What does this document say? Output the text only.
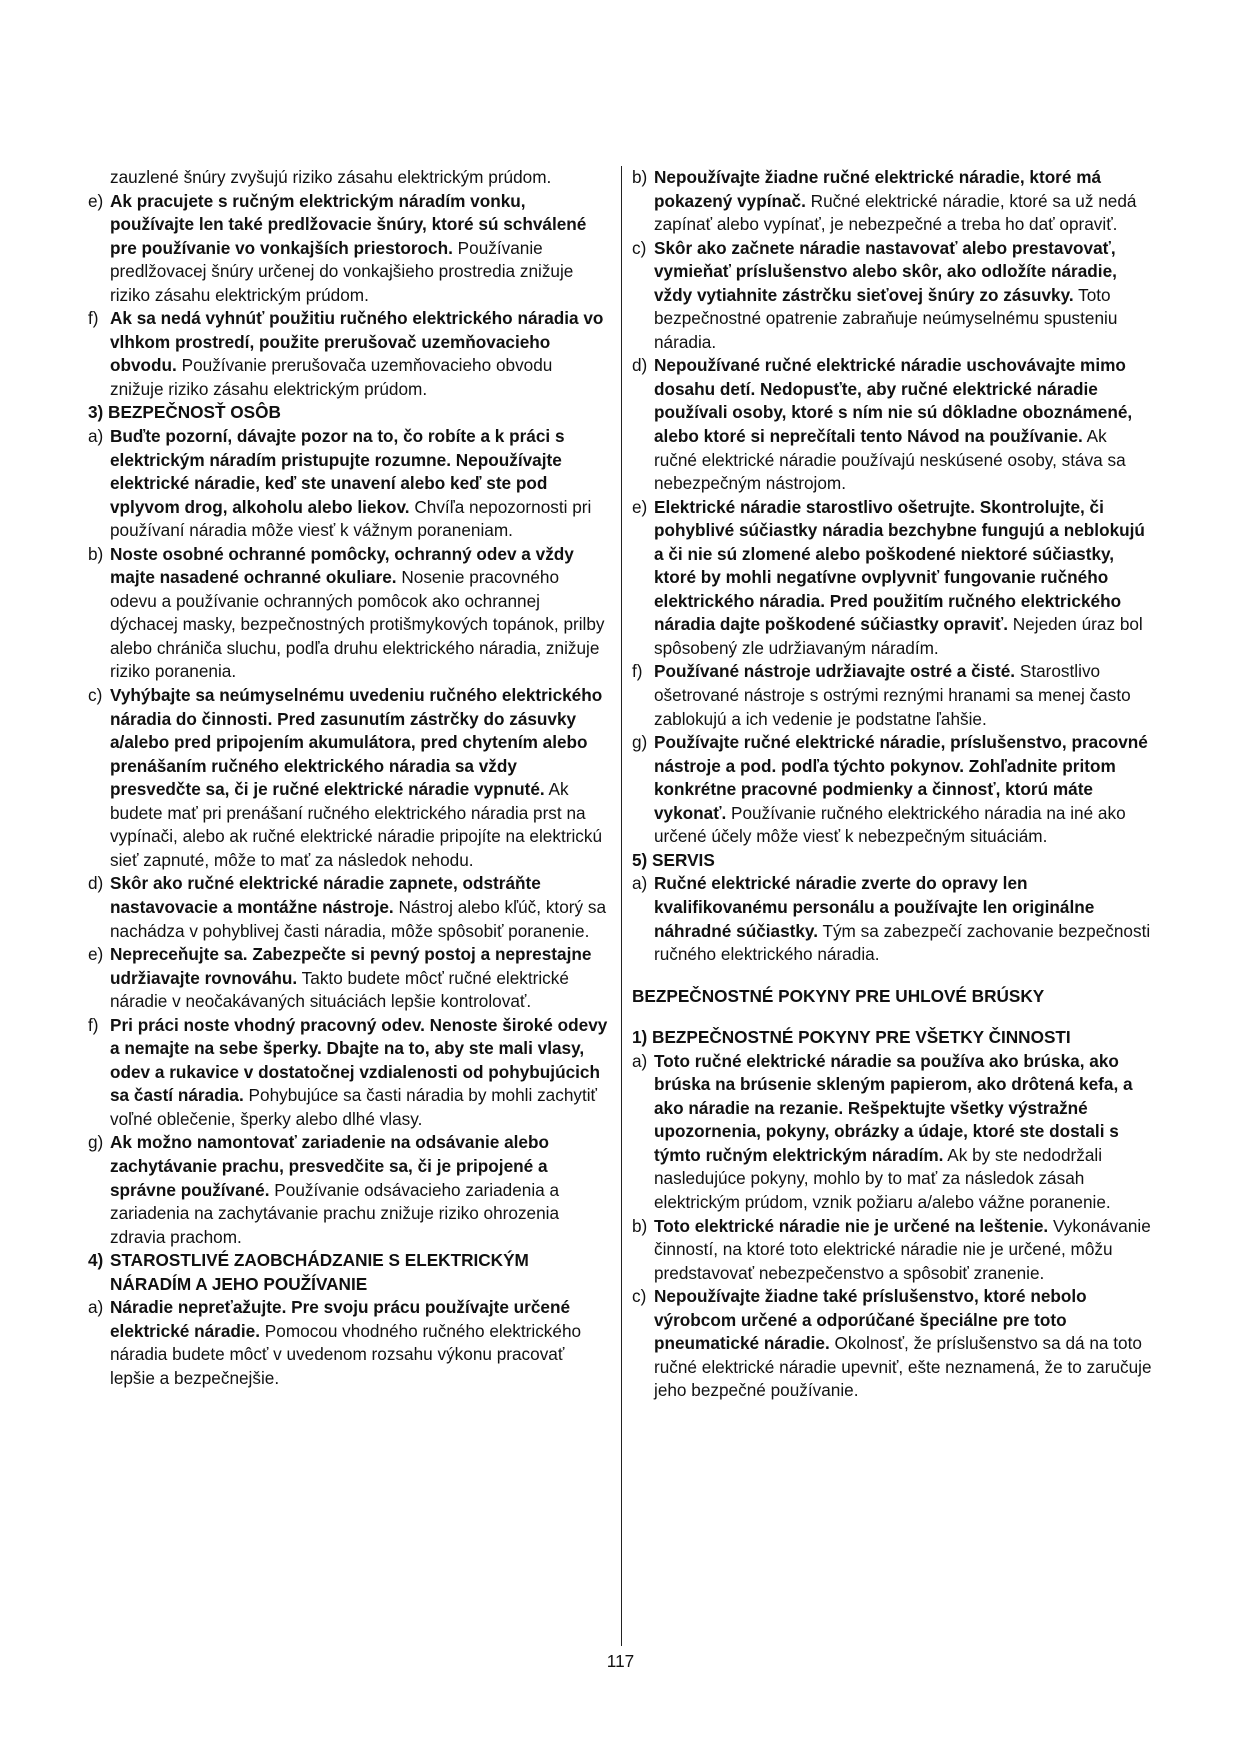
zauzlené šnúry zvyšujú riziko zásahu elektrickým prúdom.

e) Ak pracujete s ručným elektrickým náradím vonku, používajte len také predlžovacie šnúry, ktoré sú schválené pre používanie vo vonkajších priestoroch. Používanie predlžovacej šnúry určenej do vonkajšieho prostredia znižuje riziko zásahu elektrickým prúdom.

f) Ak sa nedá vyhnúť použitiu ručného elektrického náradia vo vlhkom prostredí, použite prerušovač uzemňovacieho obvodu. Používanie prerušovača uzemňovacieho obvodu znižuje riziko zásahu elektrickým prúdom.

3) BEZPEČNOSŤ OSÔB

a) Buďte pozorní, dávajte pozor na to, čo robíte a k práci s elektrickým náradím pristupujte rozumne. Nepoužívajte elektrické náradie, keď ste unavení alebo keď ste pod vplyvom drog, alkoholu alebo liekov. Chvíľa nepozornosti pri používaní náradia môže viesť k vážnym poraneniam.

b) Noste osobné ochranné pomôcky, ochranný odev a vždy majte nasadené ochranné okuliare. Nosenie pracovného odevu a používanie ochranných pomôcok ako ochrannej dýchacej masky, bezpečnostných protišmykových topánok, prilby alebo chrániča sluchu, podľa druhu elektrického náradia, znižuje riziko poranenia.

c) Vyhýbajte sa neúmyselnému uvedeniu ručného elektrického náradia do činnosti. Pred zasunutím zástrčky do zásuvky a/alebo pred pripojením akumulátora, pred chytením alebo prenášaním ručného elektrického náradia sa vždy presvedčte sa, či je ručné elektrické náradie vypnuté. Ak budete mať pri prenášaní ručného elektrického náradia prst na vypínači, alebo ak ručné elektrické náradie pripojíte na elektrickú sieť zapnuté, môže to mať za následok nehodu.

d) Skôr ako ručné elektrické náradie zapnete, odstráňte nastavovacie a montážne nástroje. Nástroj alebo kľúč, ktorý sa nachádza v pohyblivej časti náradia, môže spôsobiť poranenie.

e) Nepreceňujte sa. Zabezpečte si pevný postoj a neprestajne udržiavajte rovnováhu. Takto budete môcť ručné elektrické náradie v neočakávaných situáciách lepšie kontrolovať.

f) Pri práci noste vhodný pracovný odev. Nenoste široké odevy a nemajte na sebe šperky. Dbajte na to, aby ste mali vlasy, odev a rukavice v dostatočnej vzdialenosti od pohybujúcich sa častí náradia. Pohybujúce sa časti náradia by mohli zachytiť voľné oblečenie, šperky alebo dlhé vlasy.

g) Ak možno namontovať zariadenie na odsávanie alebo zachytávanie prachu, presvedčite sa, či je pripojené a správne používané. Používanie odsávacieho zariadenia a zariadenia na zachytávanie prachu znižuje riziko ohrozenia zdravia prachom.

4) STAROSTLIVÉ ZAOBCHÁDZANIE S ELEKTRICKÝM NÁRADÍM A JEHO POUŽÍVANIE

a) Náradie nepreťažujte. Pre svoju prácu používajte určené elektrické náradie. Pomocou vhodného ručného elektrického náradia budete môcť v uvedenom rozsahu výkonu pracovať lepšie a bezpečnejšie.

b) Nepoužívajte žiadne ručné elektrické náradie, ktoré má pokazený vypínač. Ručné elektrické náradie, ktoré sa už nedá zapínať alebo vypínať, je nebezpečné a treba ho dať opraviť.

c) Skôr ako začnete náradie nastavovať alebo prestavovať, vymieňať príslušenstvo alebo skôr, ako odložíte náradie, vždy vytiahnite zástrčku sieťovej šnúry zo zásuvky. Toto bezpečnostné opatrenie zabraňuje neúmyselnému spusteniu náradia.

d) Nepoužívané ručné elektrické náradie uschovávajte mimo dosahu detí. Nedopusťte, aby ručné elektrické náradie používali osoby, ktoré s ním nie sú dôkladne oboznámené, alebo ktoré si neprečítali tento Návod na používanie. Ak ručné elektrické náradie používajú neskúsené osoby, stáva sa nebezpečným nástrojom.

e) Elektrické náradie starostlivo ošetrujte. Skontrolujte, či pohyblivé súčiastky náradia bezchybne fungujú a neblokujú a či nie sú zlomené alebo poškodené niektoré súčiastky, ktoré by mohli negatívne ovplyvniť fungovanie ručného elektrického náradia. Pred použitím ručného elektrického náradia dajte poškodené súčiastky opraviť. Nejeden úraz bol spôsobený zle udržiavaným náradím.

f) Používané nástroje udržiavajte ostré a čisté. Starostlivo ošetrované nástroje s ostrými reznými hranami sa menej často zablokujú a ich vedenie je podstatne ľahšie.

g) Používajte ručné elektrické náradie, príslušenstvo, pracovné nástroje a pod. podľa týchto pokynov. Zohľadnite pritom konkrétne pracovné podmienky a činnosť, ktorú máte vykonať. Používanie ručného elektrického náradia na iné ako určené účely môže viesť k nebezpečným situáciám.

5) SERVIS

a) Ručné elektrické náradie zverte do opravy len kvalifikovanému personálu a používajte len originálne náhradné súčiastky. Tým sa zabezpečí zachovanie bezpečnosti ručného elektrického náradia.

BEZPEČNOSTNÉ POKYNY PRE UHLOVÉ BRÚSKY

1) BEZPEČNOSTNÉ POKYNY PRE VŠETKY ČINNOSTI

a) Toto ručné elektrické náradie sa používa ako brúska, ako brúska na brúsenie skleným papierom, ako drôtená kefa, a ako náradie na rezanie. Rešpektujte všetky výstražné upozornenia, pokyny, obrázky a údaje, ktoré ste dostali s týmto ručným elektrickým náradím. Ak by ste nedodržali nasledujúce pokyny, mohlo by to mať za následok zásah elektrickým prúdom, vznik požiaru a/alebo vážne poranenie.

b) Toto elektrické náradie nie je určené na leštenie. Vykonávanie činností, na ktoré toto elektrické náradie nie je určené, môžu predstavovať nebezpečenstvo a spôsobiť zranenie.

c) Nepoužívajte žiadne také príslušenstvo, ktoré nebolo výrobcom určené a odporúčané špeciálne pre toto pneumatické náradie. Okolnosť, že príslušenstvo sa dá na toto ručné elektrické náradie upevniť, ešte neznamená, že to zaručuje jeho bezpečné používanie.

117
